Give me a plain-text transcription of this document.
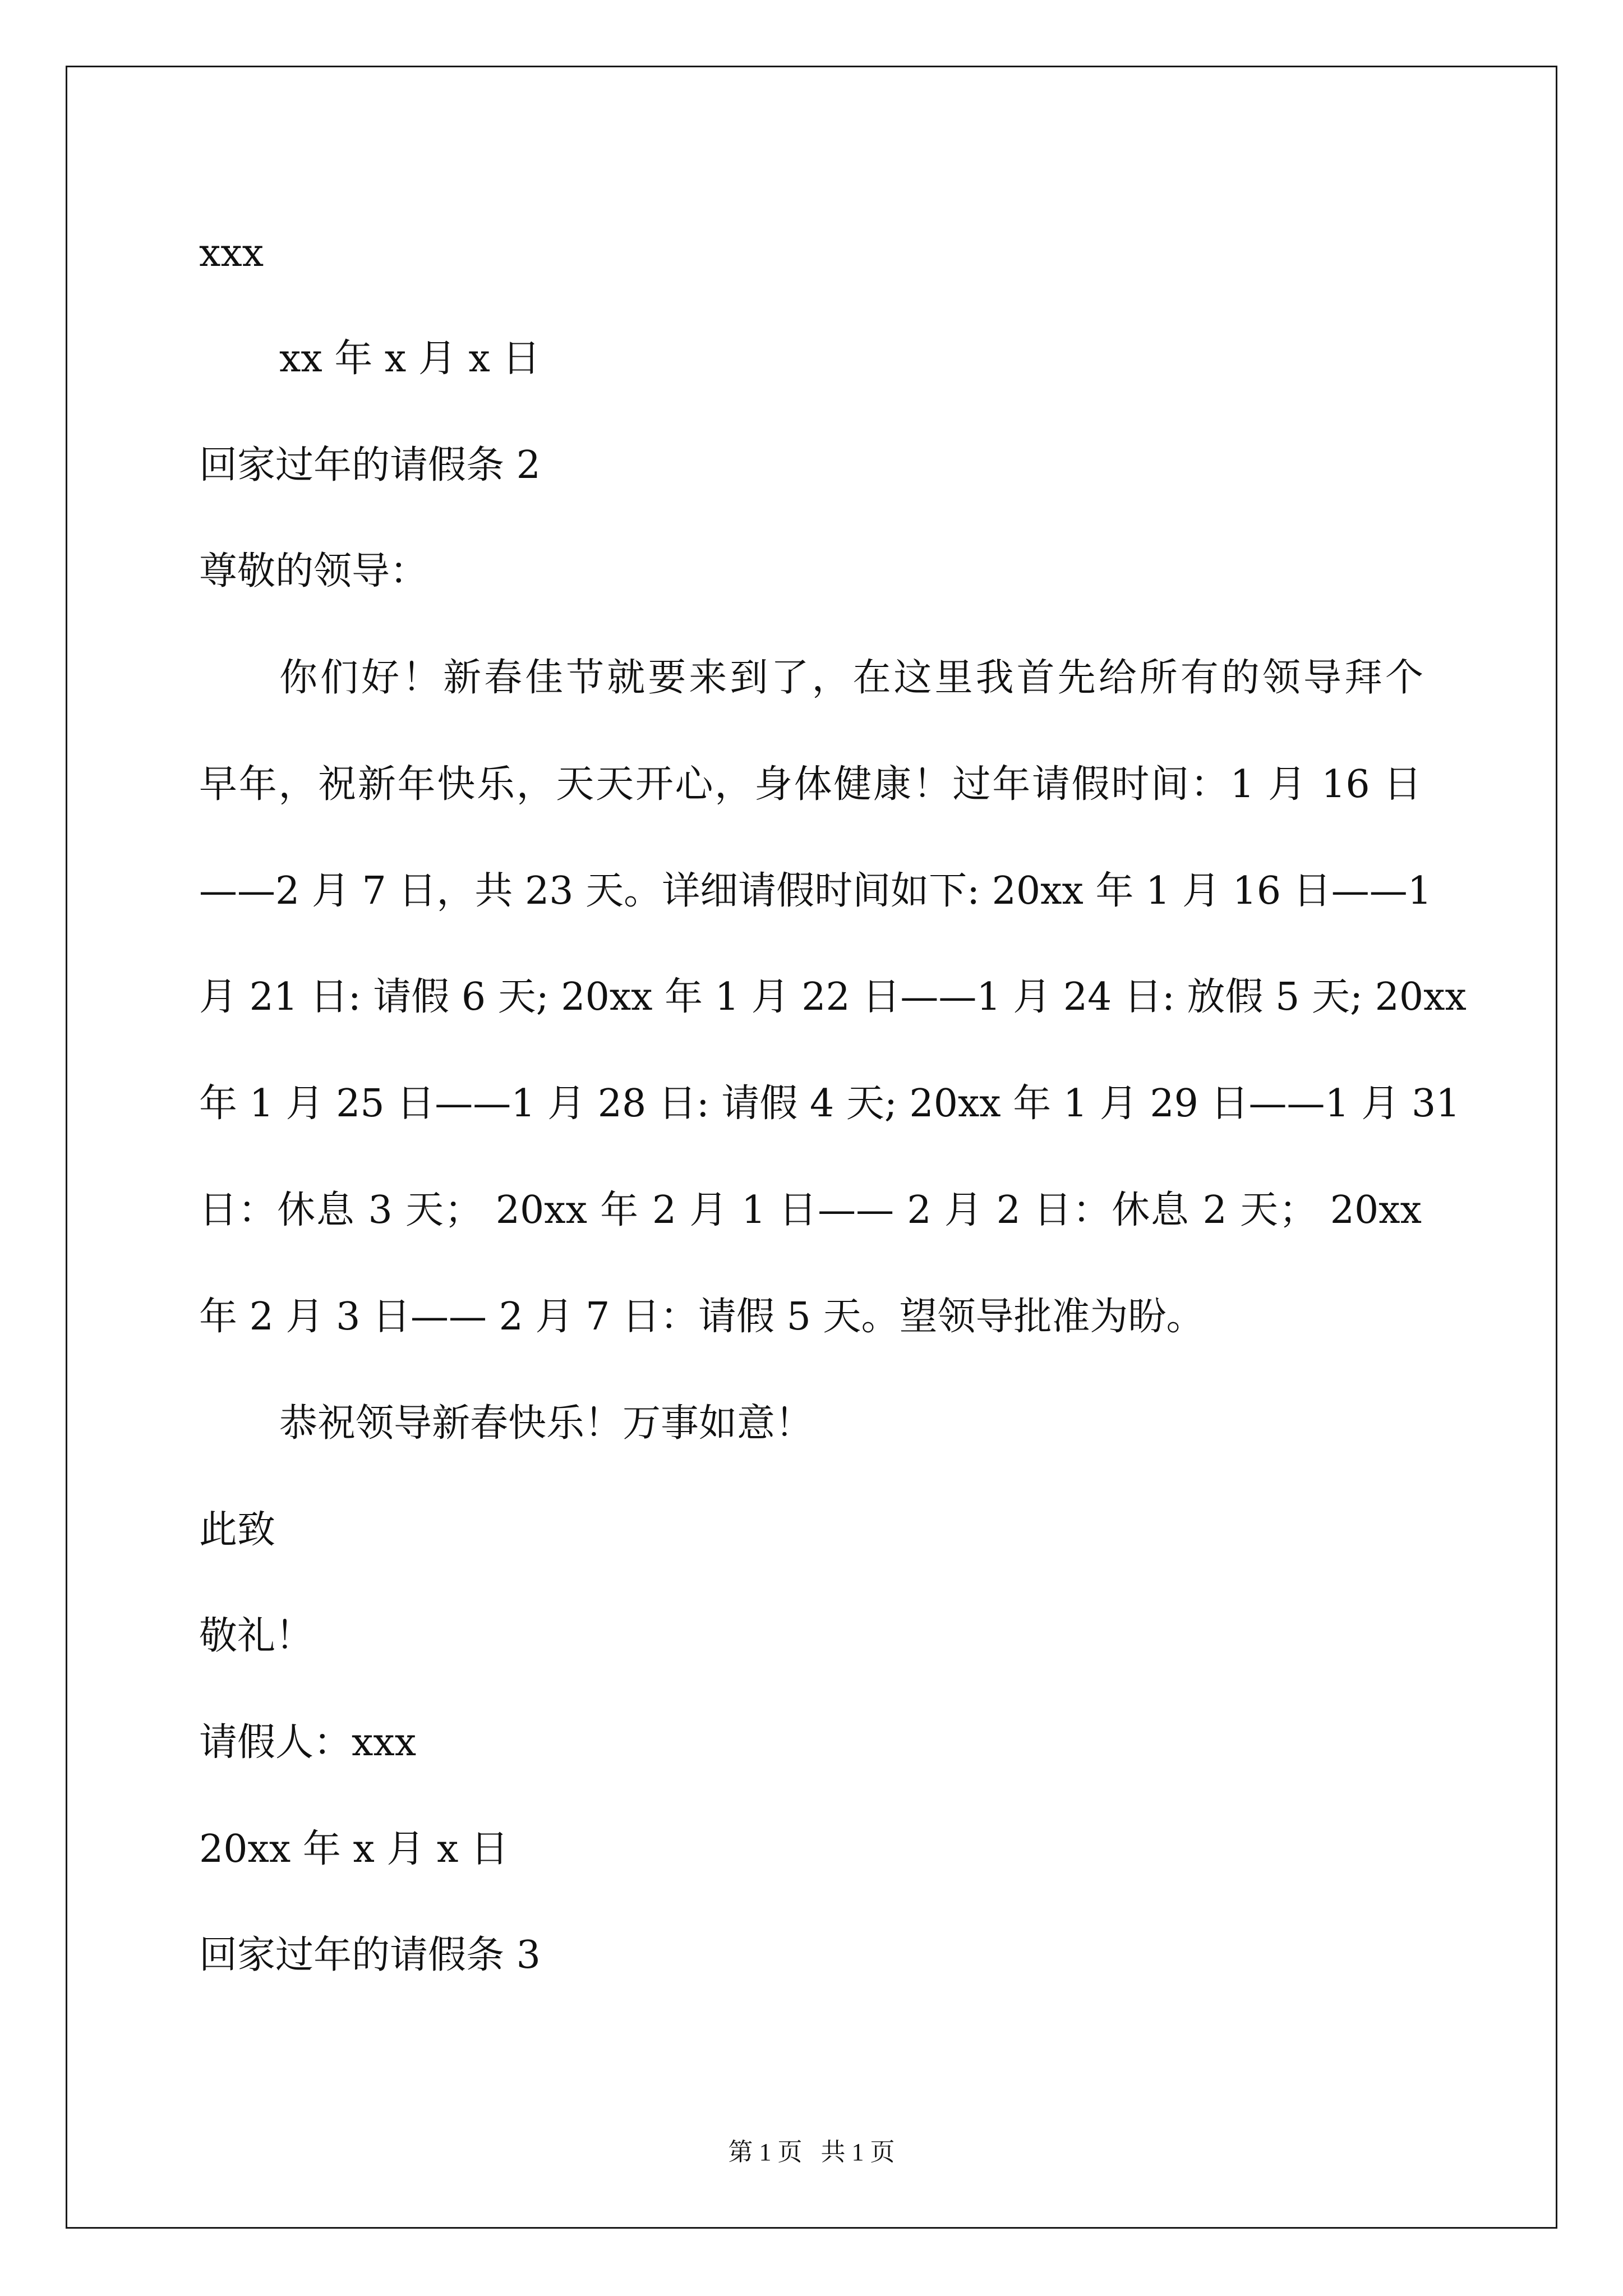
xxx
xx 年 x 月 x 日
回家过年的请假条 2
尊敬的领导：
你们好！新春佳节就要来到了，在这里我首先给所有的领导拜个
早年，祝新年快乐，天天开心，身体健康！过年请假时间：1 月 16 日
——2 月 7 日，共 23 天。详细请假时间如下: 20xx 年 1 月 16 日——1
月 21 日: 请假 6 天; 20xx 年 1 月 22 日——1 月 24 日: 放假 5 天; 20xx
年 1 月 25 日——1 月 28 日: 请假 4 天; 20xx 年 1 月 29 日——1 月 31
日：休息 3 天； 20xx 年 2 月 1 日—— 2 月 2 日：休息 2 天； 20xx
年 2 月 3 日—— 2 月 7 日：请假 5 天。望领导批准为盼。
恭祝领导新春快乐！万事如意！
此致
敬礼！
请假人：xxx
20xx 年 x 月 x 日
回家过年的请假条 3
第 1 页   共 1 页
